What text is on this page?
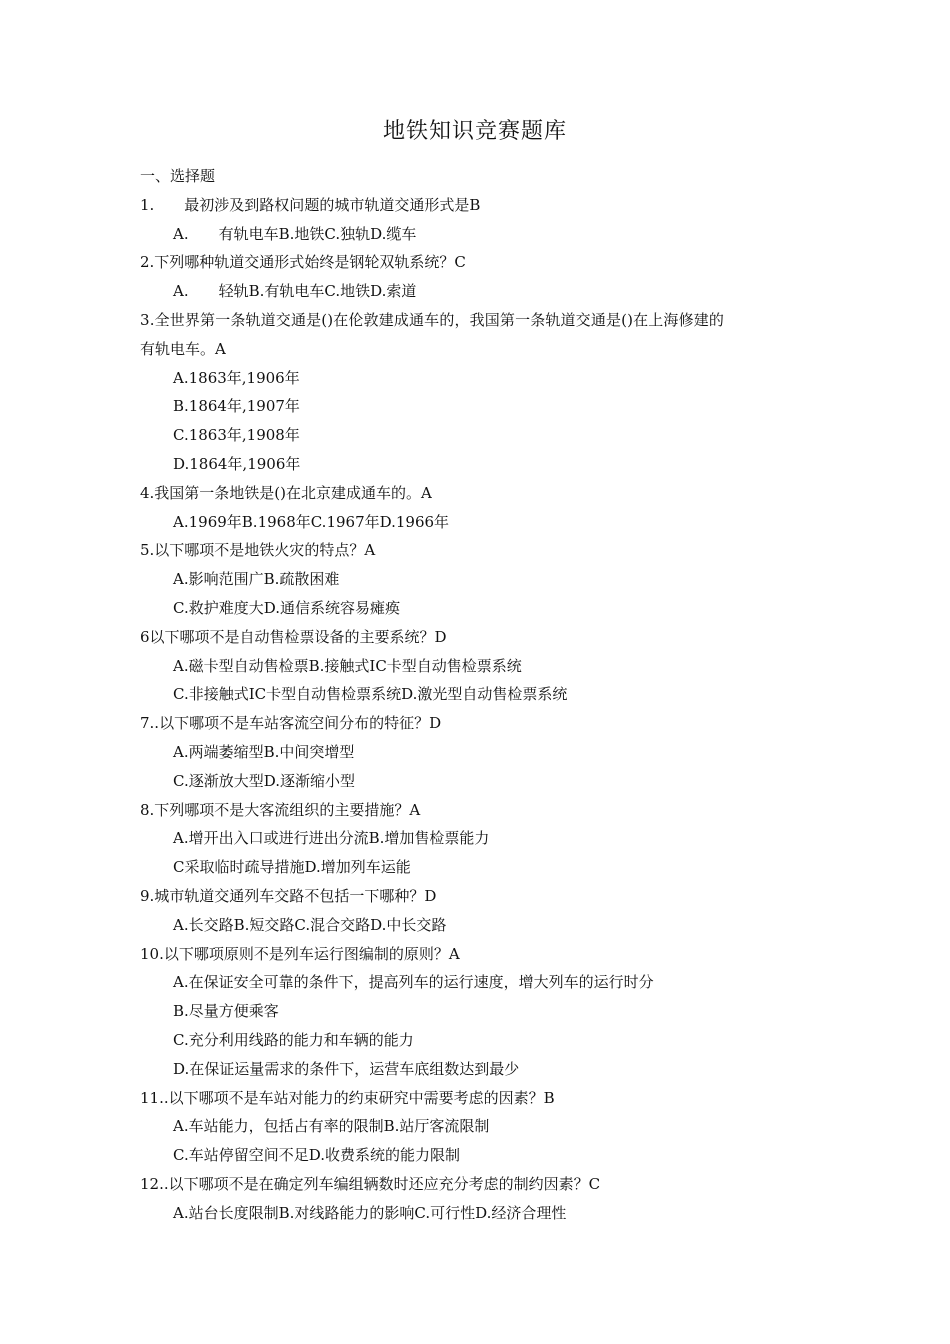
地铁知识竞赛题库
一、选择题
1.　　最初涉及到路权问题的城市轨道交通形式是B
A.　　有轨电车B.地铁C.独轨D.缆车
2.下列哪种轨道交通形式始终是钢轮双轨系统？C
A.　　轻轨B.有轨电车C.地铁D.索道
3.全世界第一条轨道交通是()在伦敦建成通车的，我国第一条轨道交通是()在上海修建的
有轨电车。A
A.1863年,1906年
B.1864年,1907年
C.1863年,1908年
D.1864年,1906年
4.我国第一条地铁是()在北京建成通车的。A
A.1969年B.1968年C.1967年D.1966年
5.以下哪项不是地铁火灾的特点？A
A.影响范围广B.疏散困难
C.救护难度大D.通信系统容易瘫痪
6以下哪项不是自动售检票设备的主要系统？D
A.磁卡型自动售检票B.接触式IC卡型自动售检票系统
C.非接触式IC卡型自动售检票系统D.激光型自动售检票系统
7..以下哪项不是车站客流空间分布的特征？D
A.两端萎缩型B.中间突增型
C.逐渐放大型D.逐渐缩小型
8.下列哪项不是大客流组织的主要措施？A
A.增开出入口或进行进出分流B.增加售检票能力
C采取临时疏导措施D.增加列车运能
9.城市轨道交通列车交路不包括一下哪种？D
A.长交路B.短交路C.混合交路D.中长交路
10.以下哪项原则不是列车运行图编制的原则？A
A.在保证安全可靠的条件下，提高列车的运行速度，增大列车的运行时分
B.尽量方便乘客
C.充分利用线路的能力和车辆的能力
D.在保证运量需求的条件下，运营车底组数达到最少
11..以下哪项不是车站对能力的约束研究中需要考虑的因素？B
A.车站能力，包括占有率的限制B.站厅客流限制
C.车站停留空间不足D.收费系统的能力限制
12..以下哪项不是在确定列车编组辆数时还应充分考虑的制约因素？C
A.站台长度限制B.对线路能力的影响C.可行性D.经济合理性
